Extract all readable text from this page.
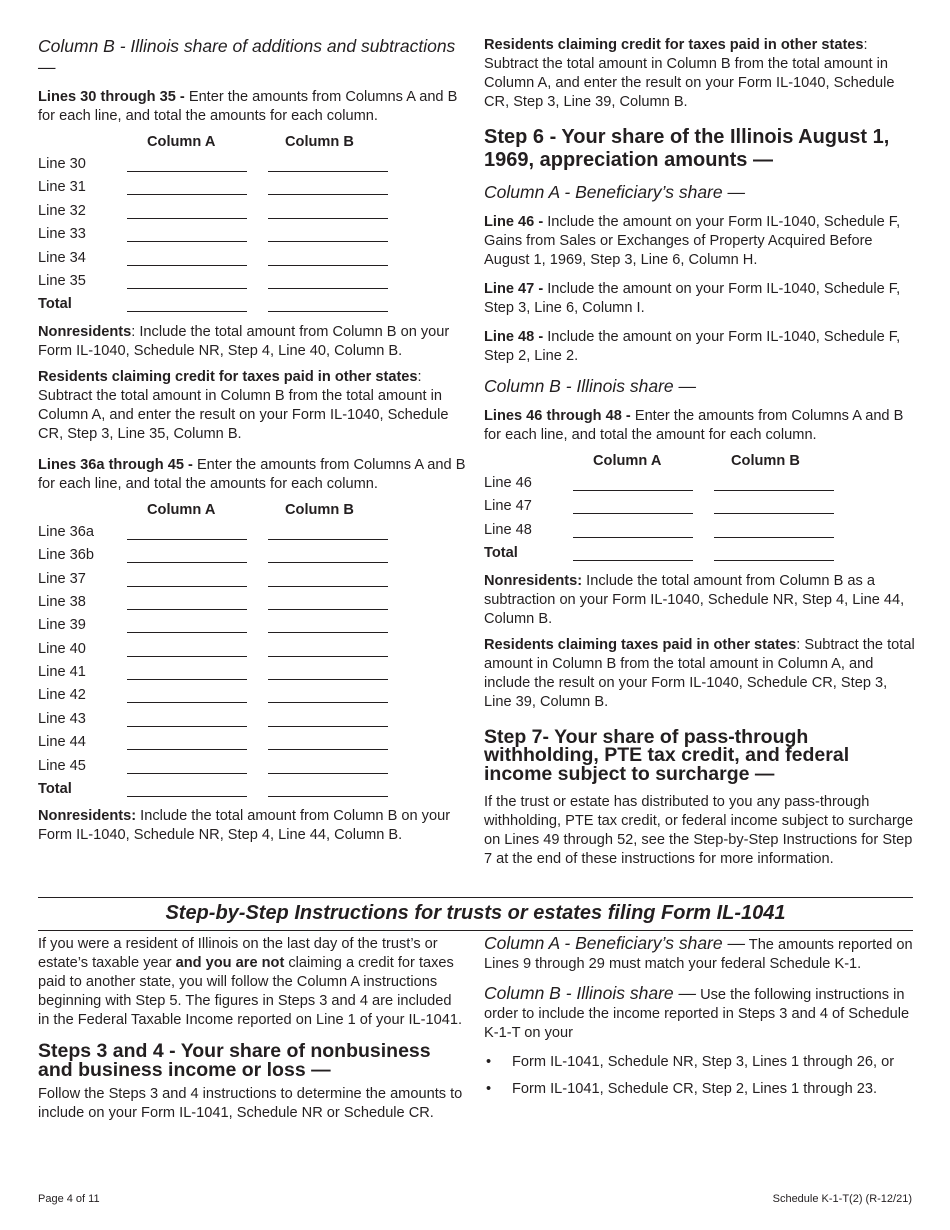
Column B - Illinois share of additions and subtractions —

Lines 30 through 35 - Enter the amounts from Columns A and B for each line, and total the amounts for each column.

Column A	Column B
Line 30
Line 31
Line 32
Line 33
Line 34
Line 35
Total

Nonresidents: Include the total amount from Column B on your Form IL-1040, Schedule NR, Step 4, Line 40, Column B.

Residents claiming credit for taxes paid in other states: Subtract the total amount in Column B from the total amount in Column A, and enter the result on your Form IL-1040, Schedule CR, Step 3, Line 35, Column B.

Lines 36a through 45 - Enter the amounts from Columns A and B for each line, and total the amounts for each column.

Column A	Column B
Line 36a
Line 36b
Line 37
Line 38
Line 39
Line 40
Line 41
Line 42
Line 43
Line 44
Line 45
Total

Nonresidents: Include the total amount from Column B on your Form IL-1040, Schedule NR, Step 4, Line 44, Column B.

Residents claiming credit for taxes paid in other states: Subtract the total amount in Column B from the total amount in Column A, and enter the result on your Form IL-1040, Schedule CR, Step 3, Line 39, Column B.

Step 6 - Your share of the Illinois August 1, 1969, appreciation amounts —
Column A - Beneficiary’s share —

Line 46 - Include the amount on your Form IL-1040, Schedule F, Gains from Sales or Exchanges of Property Acquired Before August 1, 1969, Step 3, Line 6, Column H.

Line 47 - Include the amount on your Form IL-1040, Schedule F, Step 3, Line 6, Column I.

Line 48 - Include the amount on your Form IL-1040, Schedule F, Step 2, Line 2.

Column B - Illinois share —

Lines 46 through 48 - Enter the amounts from Columns A and B for each line, and total the amount for each column.

Column A	Column B
Line 46
Line 47
Line 48
Total

Nonresidents: Include the total amount from Column B as a subtraction on your Form IL-1040, Schedule NR, Step 4, Line 44, Column B.

Residents claiming taxes paid in other states: Subtract the total amount in Column B from the total amount in Column A, and include the result on your Form IL-1040, Schedule CR, Step 3, Line 39, Column B.

Step 7- Your share of pass-through withholding, PTE tax credit, and federal income subject to surcharge —

If the trust or estate has distributed to you any pass-through withholding, PTE tax credit, or federal income subject to surcharge on Lines 49 through 52, see the Step-by-Step Instructions for Step 7 at the end of these instructions for more information.

Step-by-Step Instructions for trusts or estates filing Form IL-1041

If you were a resident of Illinois on the last day of the trust’s or estate’s taxable year and you are not claiming a credit for taxes paid to another state, you will follow the Column A instructions beginning with Step 5. The figures in Steps 3 and 4 are included in the Federal Taxable Income reported on Line 1 of your IL-1041.

Steps 3 and 4 - Your share of nonbusiness and business income or loss —

Follow the Steps 3 and 4 instructions to determine the amounts to include on your Form IL-1041, Schedule NR or Schedule CR.

Column A - Beneficiary’s share — The amounts reported on Lines 9 through 29 must match your federal Schedule K-1.

Column B - Illinois share — Use the following instructions in order to include the income reported in Steps 3 and 4 of Schedule K-1-T on your

• Form IL-1041, Schedule NR, Step 3, Lines 1 through 26, or
• Form IL-1041, Schedule CR, Step 2, Lines 1 through 23.
Page 4 of 11	Schedule K-1-T(2) (R-12/21)
